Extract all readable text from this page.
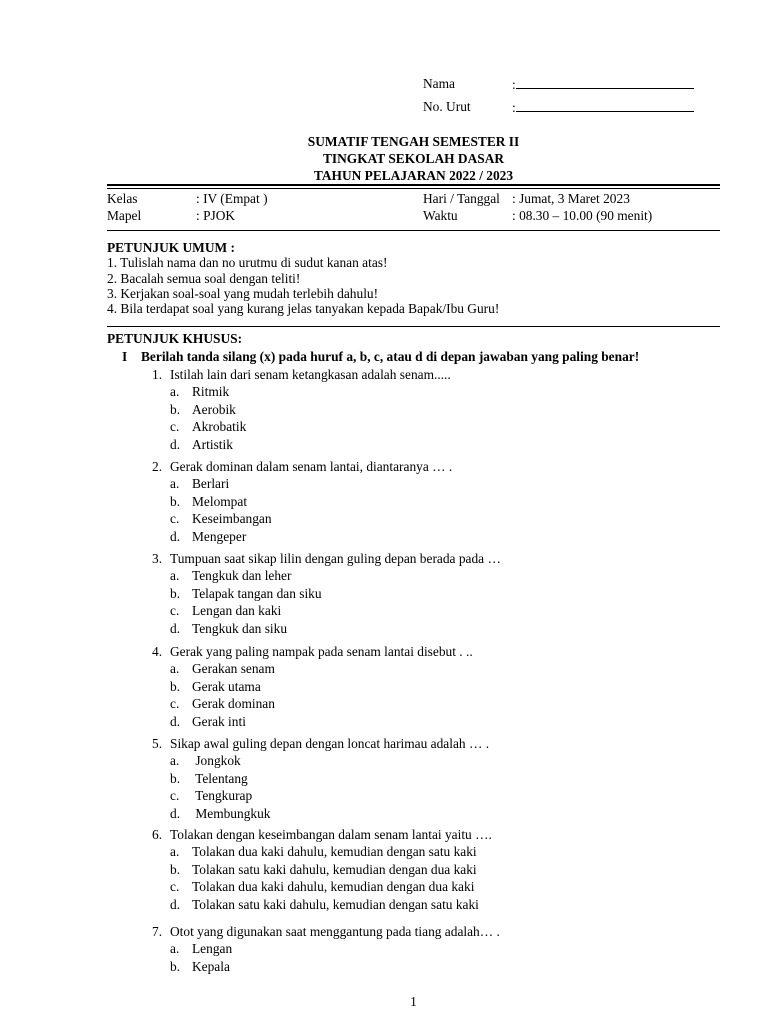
Nama	:
No. Urut	:
SUMATIF TENGAH SEMESTER II
TINGKAT SEKOLAH DASAR
TAHUN PELAJARAN 2022 / 2023
Kelas	: IV (Empat )	Hari / Tanggal : Jumat, 3 Maret 2023
Mapel	: PJOK	Waktu	: 08.30 – 10.00 (90 menit)
PETUNJUK UMUM :
1. Tulislah nama dan no urutmu di sudut kanan atas!
2. Bacalah semua soal dengan teliti!
3. Kerjakan soal-soal yang mudah terlebih dahulu!
4. Bila terdapat soal yang kurang jelas tanyakan kepada Bapak/Ibu Guru!
PETUNJUK KHUSUS:
I Berilah tanda silang (x) pada huruf a, b, c, atau d di depan jawaban yang paling benar!
1. Istilah lain dari senam ketangkasan adalah senam.....
a. Ritmik
b. Aerobik
c. Akrobatik
d. Artistik
2. Gerak dominan dalam senam lantai, diantaranya … .
a. Berlari
b. Melompat
c. Keseimbangan
d. Mengeper
3. Tumpuan saat sikap lilin dengan guling depan berada pada …
a. Tengkuk dan leher
b. Telapak tangan dan siku
c. Lengan dan kaki
d. Tengkuk dan siku
4. Gerak yang paling nampak pada senam lantai disebut . ..
a. Gerakan senam
b. Gerak utama
c. Gerak dominan
d. Gerak inti
5. Sikap awal guling depan dengan loncat harimau adalah … .
a. Jongkok
b. Telentang
c. Tengkurap
d. Membungkuk
6. Tolakan dengan keseimbangan dalam senam lantai yaitu ….
a. Tolakan dua kaki dahulu, kemudian dengan satu kaki
b. Tolakan satu kaki dahulu, kemudian dengan dua kaki
c. Tolakan dua kaki dahulu, kemudian dengan dua kaki
d. Tolakan satu kaki dahulu, kemudian dengan satu kaki
7. Otot yang digunakan saat menggantung pada tiang adalah… .
a. Lengan
b. Kepala
1
